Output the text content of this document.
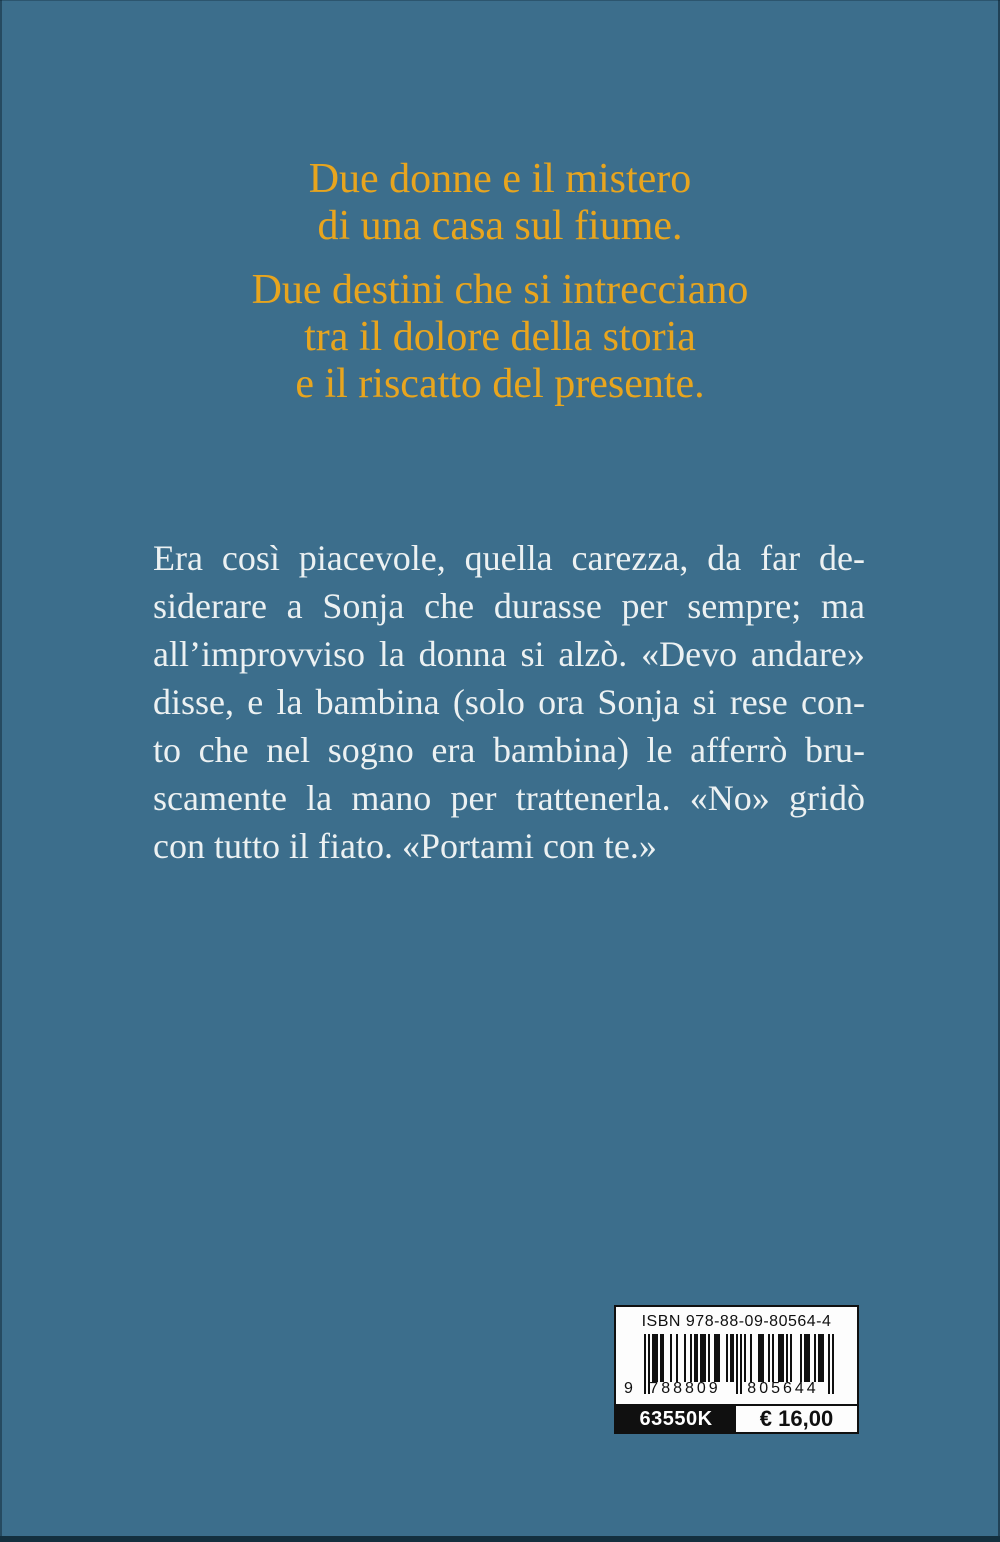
Due donne e il mistero
di una casa sul fiume.

Due destini che si intrecciano
tra il dolore della storia
e il riscatto del presente.

Era così piacevole, quella carezza, da far de-
siderare a Sonja che durasse per sempre; ma
all’improvviso la donna si alzò. «Devo andare»
disse, e la bambina (solo ora Sonja si rese con-
to che nel sogno era bambina) le afferrò bru-
scamente la mano per trattenerla. «No» gridò
con tutto il fiato. «Portami con te.»
ISBN 978-88-09-80564-4
9	788809	805644
63550K	€ 16,00
